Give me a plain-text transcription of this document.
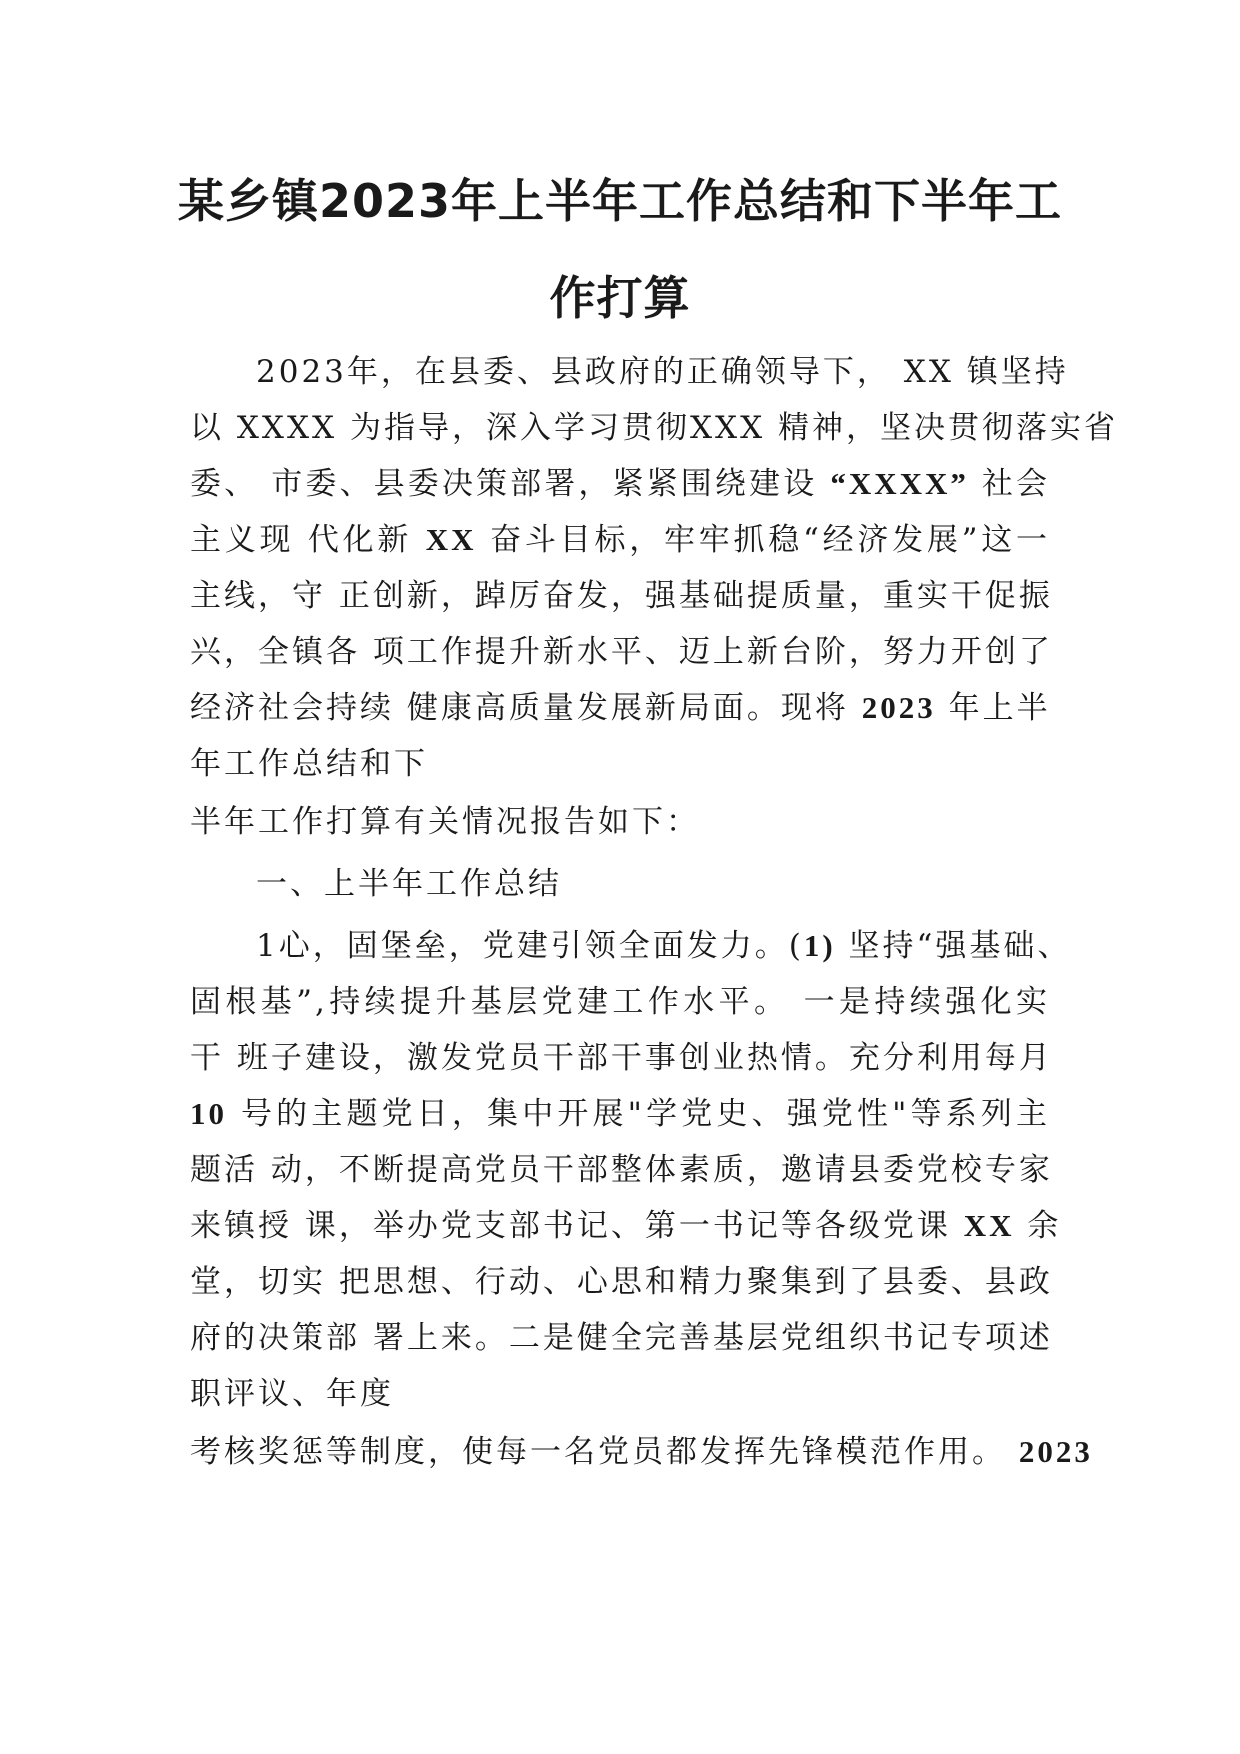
某乡镇2023年上半年工作总结和下半年工
作打算
2023年，在县委、县政府的正确领导下， XX 镇坚持
以 XXXX 为指导，深入学习贯彻XXX 精神，坚决贯彻落实省
委、 市委、县委决策部署，紧紧围绕建设 “XXXX” 社会
主义现 代化新 XX 奋斗目标，牢牢抓稳“经济发展”这一
主线，守 正创新，踔厉奋发，强基础提质量，重实干促振
兴，全镇各 项工作提升新水平、迈上新台阶，努力开创了
经济社会持续 健康高质量发展新局面。现将 2023 年上半
年工作总结和下
半年工作打算有关情况报告如下：
一、上半年工作总结
1心，固堡垒，党建引领全面发力。(1) 坚持“强基础、
固根基”,持续提升基层党建工作水平。 一是持续强化实
干 班子建设，激发党员干部干事创业热情。充分利用每月
10 号的主题党日，集中开展"学党史、强党性"等系列主
题活 动，不断提高党员干部整体素质，邀请县委党校专家
来镇授 课，举办党支部书记、第一书记等各级党课 XX 余
堂，切实 把思想、行动、心思和精力聚集到了县委、县政
府的决策部 署上来。二是健全完善基层党组织书记专项述
职评议、年度
考核奖惩等制度，使每一名党员都发挥先锋模范作用。 2023
